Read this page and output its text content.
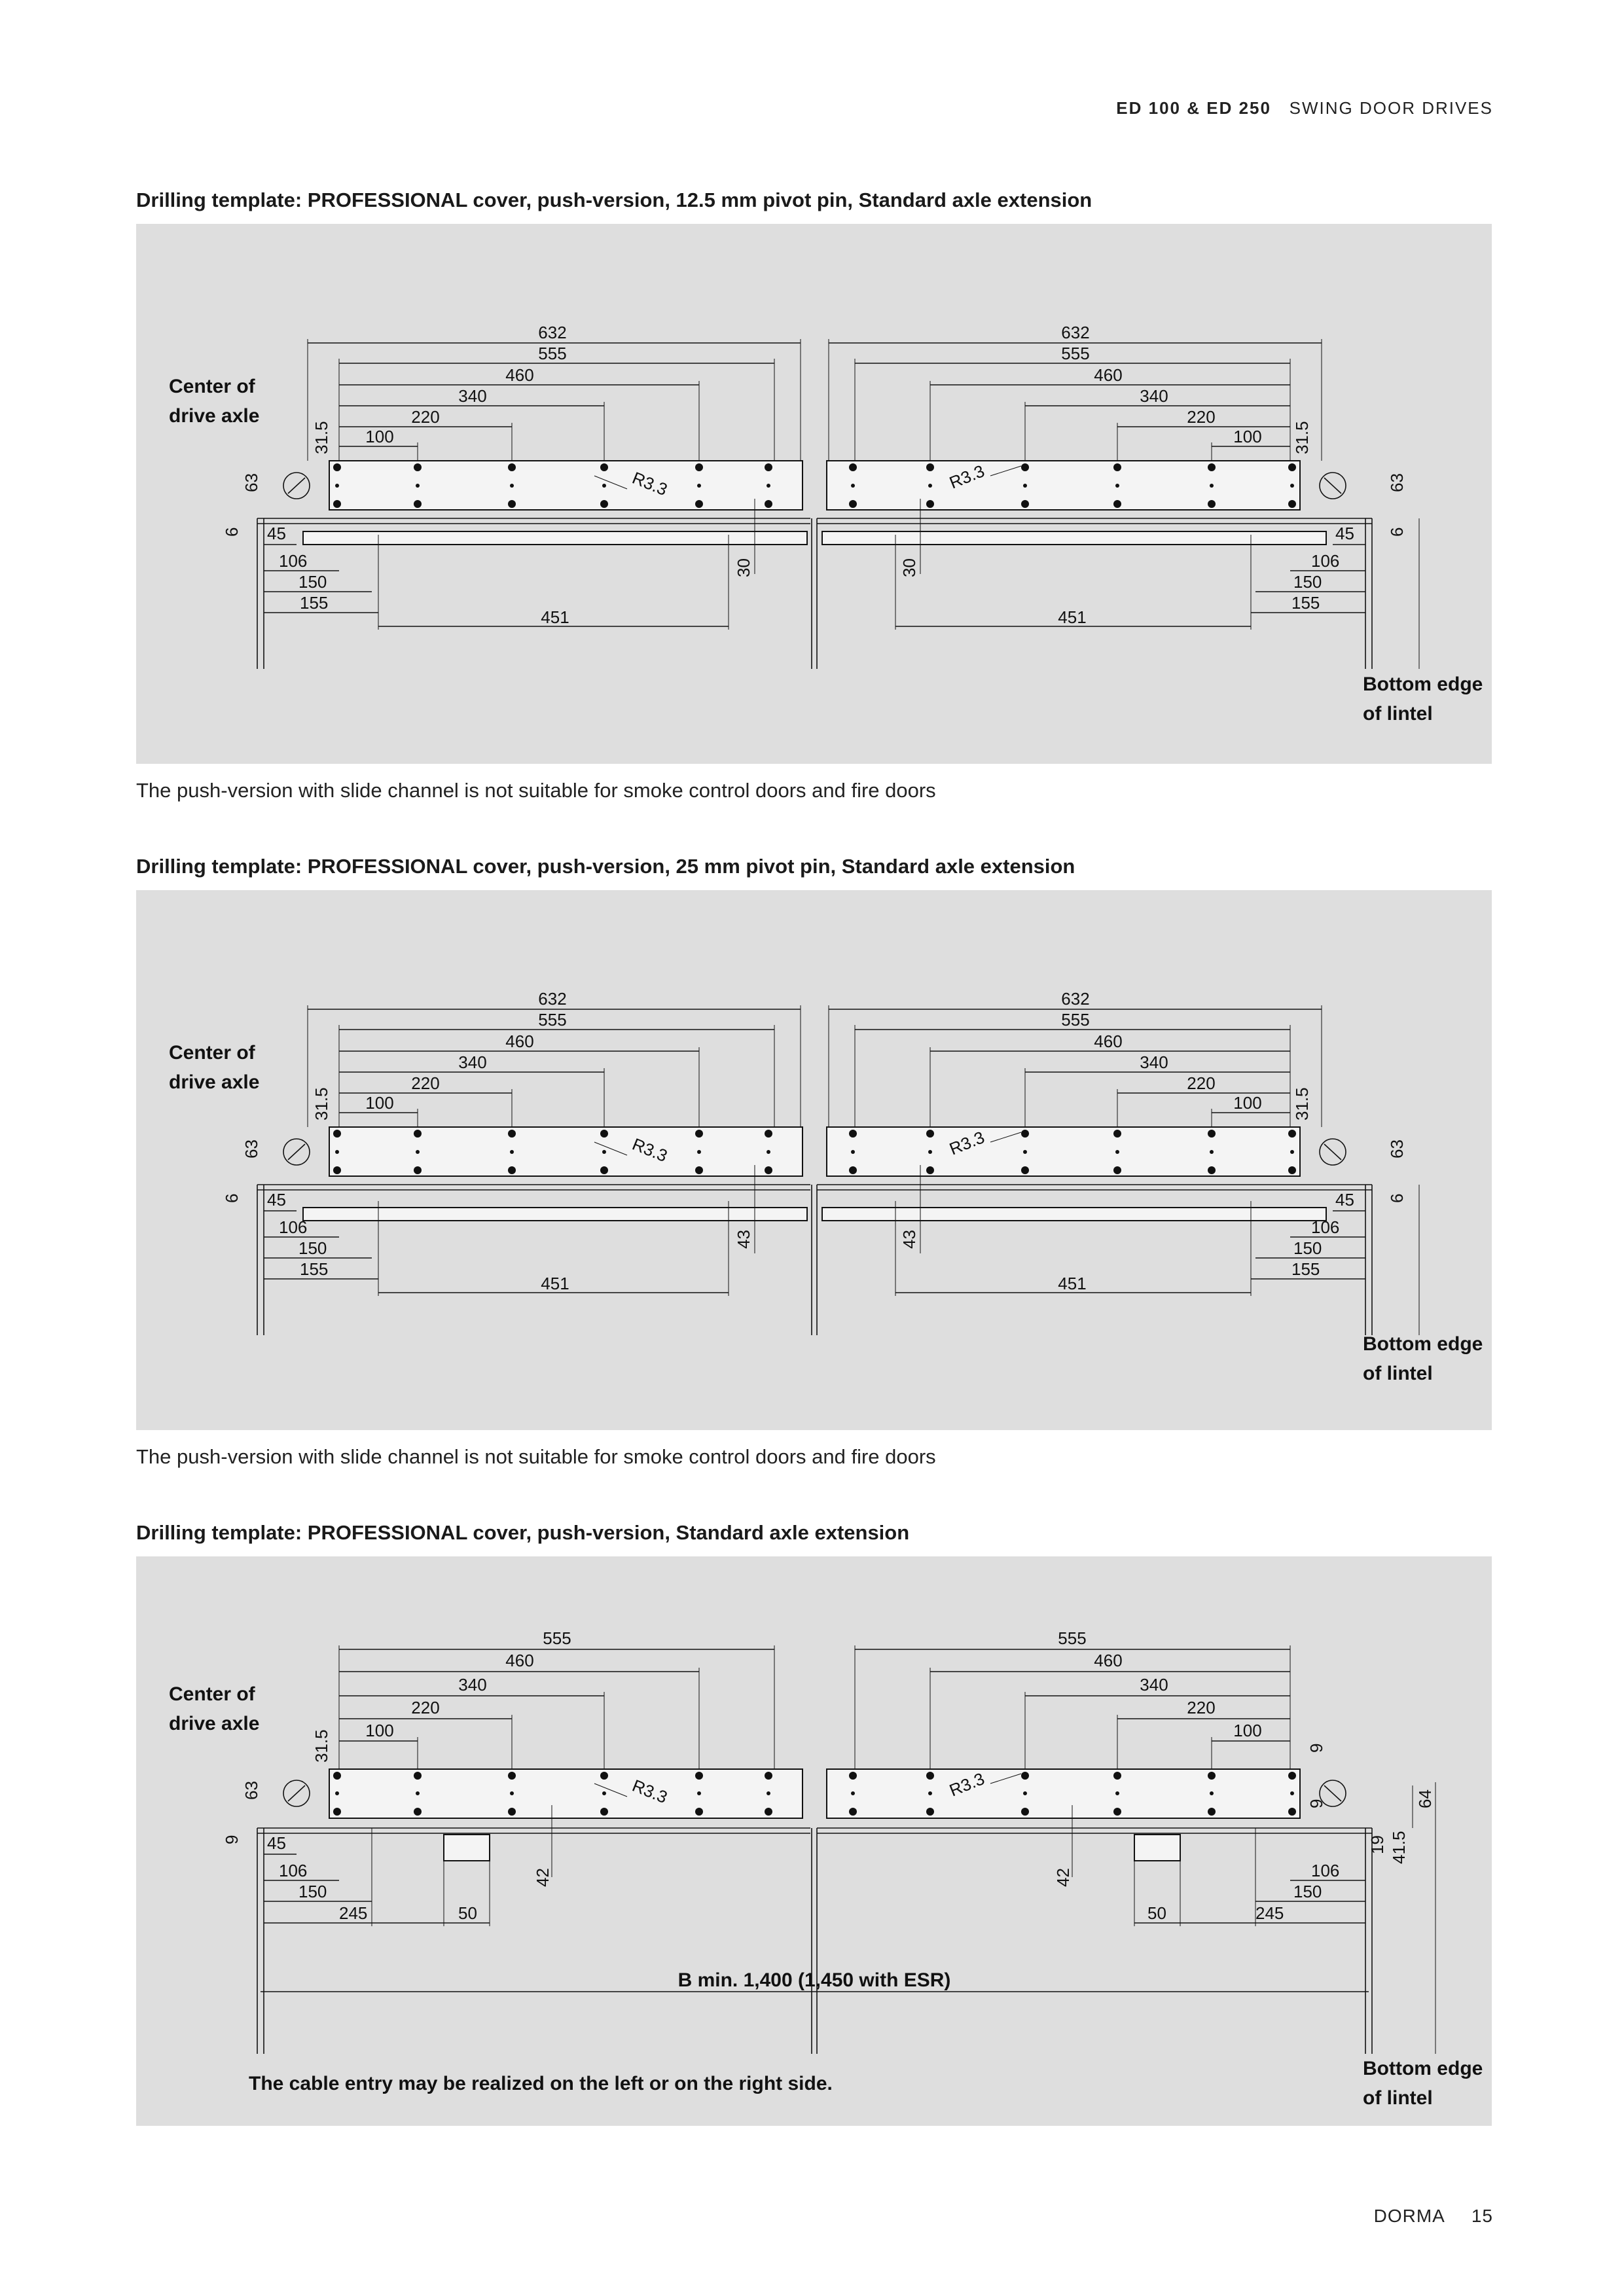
ED 100 & ED 250 SWING DOOR DRIVES
Drilling template: PROFESSIONAL cover, push-version, 12.5 mm pivot pin, Standard axle extension
Center of
drive axle
Bottom edge
of lintel
632
555
460
340
220
100
31.5
63
6
R3.3
45
106
150
155
451
30
632
555
460
340
220
100 31.5
63
6
R3.3
45
106
150
155
451
30
The push-version with slide channel is not suitable for smoke control doors and fire doors
Drilling template: PROFESSIONAL cover, push-version, 25 mm pivot pin, Standard axle extension
Center of
drive axle
Bottom edge
of lintel
632
555
460
340
220
100
31.5
63
6
R3.3
45
106
150
155
451
43
632
555
460
340
220
100 31.5
63
6
R3.3
45
106
150
155
451
43
The push-version with slide channel is not suitable for smoke control doors and fire doors
Drilling template: PROFESSIONAL cover, push-version, Standard axle extension
Center of
drive axle
Bottom edge
of lintel
555
460
340
220
100
31.5
63
9
R3.3
45
106
150
245	50
42
555
460
340
220
100
9
9
19 41.5
64
R3.3
106
150
245
50
42
B min. 1,400 (1,450 with ESR)
The cable entry may be realized on the left or on the right side.
DORMA 15
